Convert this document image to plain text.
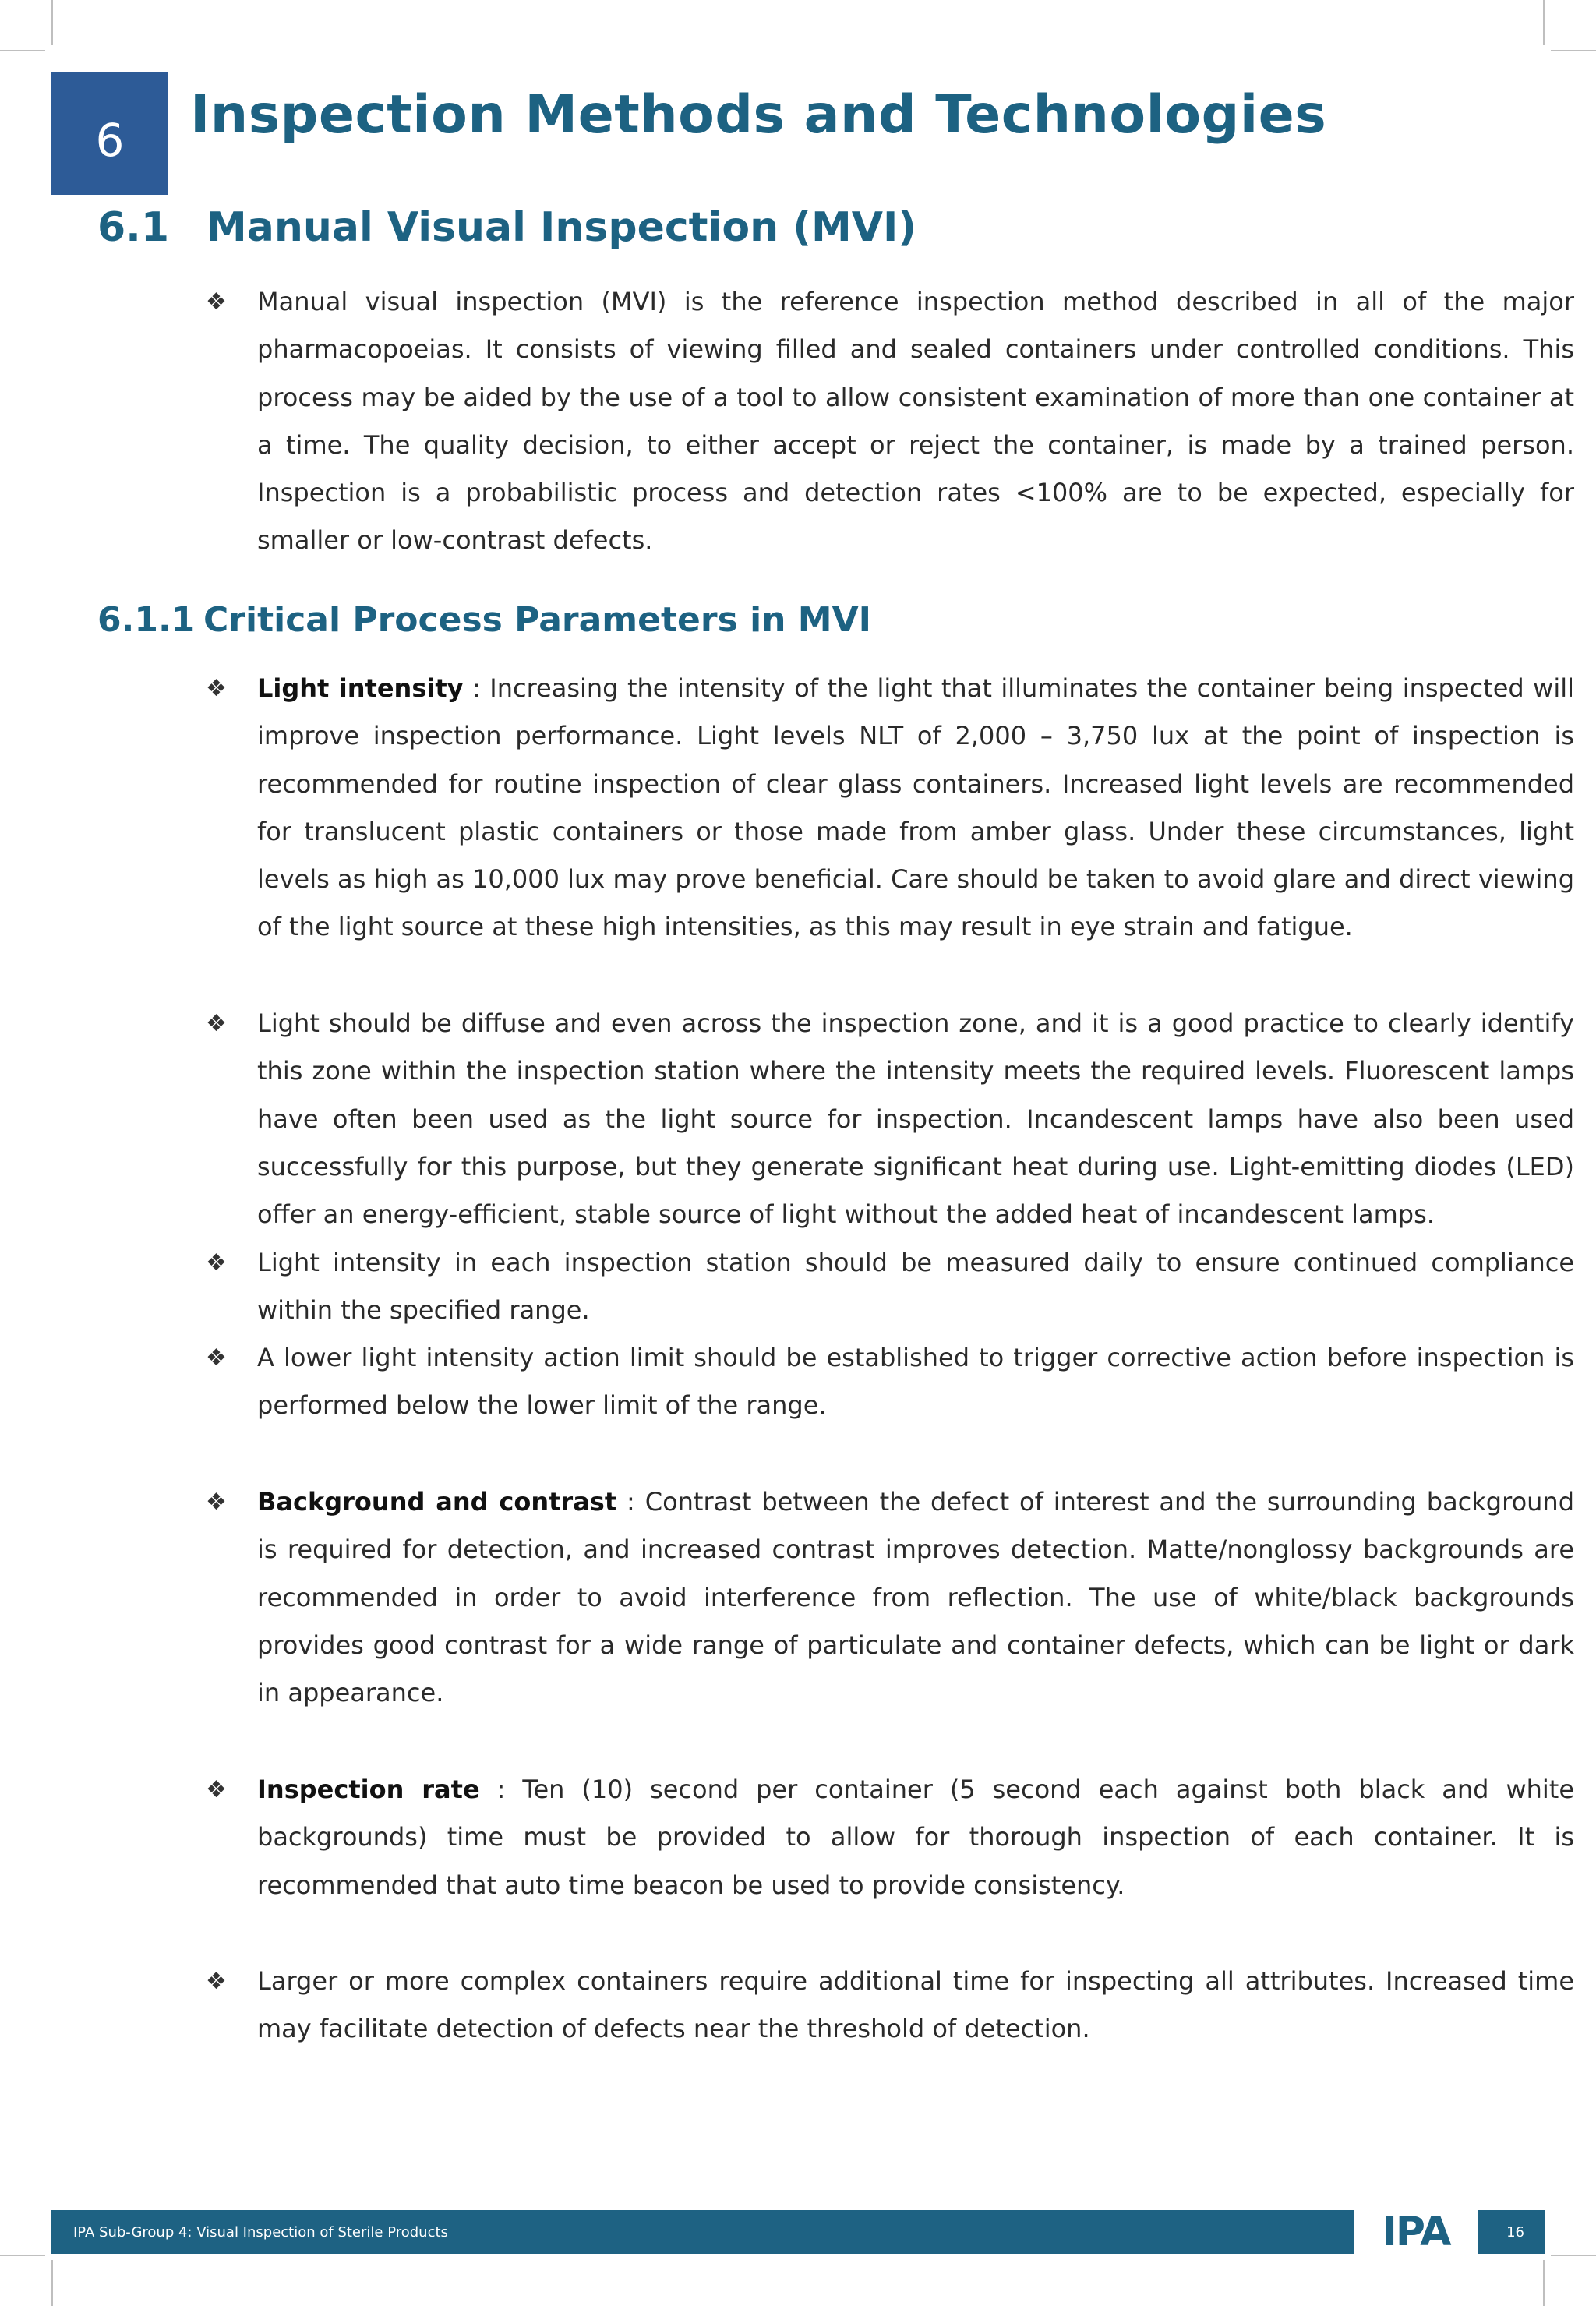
6	Inspection Methods and Technologies
6.1 Manual Visual Inspection (MVI)
❖ Manual visual inspection (MVI) is the reference inspection method described in all of the major pharmacopoeias. It consists of viewing filled and sealed containers under controlled conditions. This process may be aided by the use of a tool to allow consistent examination of more than one container at a time. The quality decision, to either accept or reject the container, is made by a trained person. Inspection is a probabilistic process and detection rates <100% are to be expected, especially for smaller or low-contrast defects.
6.1.1 Critical Process Parameters in MVI
❖ Light intensity : Increasing the intensity of the light that illuminates the container being inspected will improve inspection performance. Light levels NLT of 2,000 – 3,750 lux at the point of inspection is recommended for routine inspection of clear glass containers. Increased light levels are recommended for translucent plastic containers or those made from amber glass. Under these circumstances, light levels as high as 10,000 lux may prove beneficial. Care should be taken to avoid glare and direct viewing of the light source at these high intensities, as this may result in eye strain and fatigue.
❖ Light should be diffuse and even across the inspection zone, and it is a good practice to clearly identify this zone within the inspection station where the intensity meets the required levels. Fluorescent lamps have often been used as the light source for inspection. Incandescent lamps have also been used successfully for this purpose, but they generate significant heat during use. Light-emitting diodes (LED) offer an energy-efficient, stable source of light without the added heat of incandescent lamps.
❖ Light intensity in each inspection station should be measured daily to ensure continued compliance within the specified range.
❖ A lower light intensity action limit should be established to trigger corrective action before inspection is performed below the lower limit of the range.
❖ Background and contrast : Contrast between the defect of interest and the surrounding background is required for detection, and increased contrast improves detection. Matte/nonglossy backgrounds are recommended in order to avoid interference from reflection. The use of white/black backgrounds provides good contrast for a wide range of particulate and container defects, which can be light or dark in appearance.
❖ Inspection rate : Ten (10) second per container (5 second each against both black and white backgrounds) time must be provided to allow for thorough inspection of each container. It is recommended that auto time beacon be used to provide consistency.
❖ Larger or more complex containers require additional time for inspecting all attributes. Increased time may facilitate detection of defects near the threshold of detection.
IPA Sub-Group 4: Visual Inspection of Sterile Products	IPA	16
